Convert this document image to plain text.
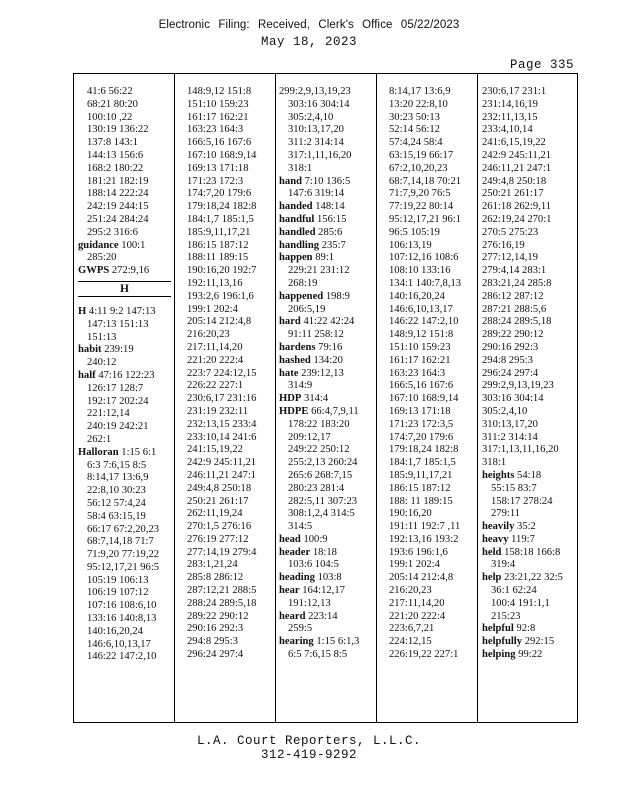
Electronic Filing: Received, Clerk's Office 05/22/2023
May 18, 2023
Page 335
41:6 56:22
68:21 80:20
100:10 ,22
130:19 136:22
137:8 143:1
144:13 156:6
168:2 180:22
181:21 182:19
188:14 222:24
242:19 244:15
251:24 284:24
295:2 316:6
guidance 100:1
285:20
GWPS 272:9,16
H
H 4:11 9:2 147:13
147:13 151:13
151:13
habit 239:19
240:12
half 47:16 122:23
126:17 128:7
192:17 202:24
221:12,14
240:19 242:21
262:1
Halloran 1:15 6:1
6:3 7:6,15 8:5
8:14,17 13:6,9
22:8,10 30:23
56:12 57:4,24
58:4 63:15,19
66:17 67:2,20,23
68:7,14,18 71:7
71:9,20 77:19,22
95:12,17,21 96:5
105:19 106:13
106:19 107:12
107:16 108:6,10
133:16 140:8,13
140:16,20,24
146:6,10,13,17
146:22 147:2,10
148:9,12 151:8
151:10 159:23
161:17 162:21
163:23 164:3
166:5,16 167:6
167:10 168:9,14
169:13 171:18
171:23 172:3
174:7,20 179:6
179:18,24 182:8
184:1,7 185:1,5
185:9,11,17,21
186:15 187:12
188:11 189:15
190:16,20 192:7
192:11,13,16
193:2,6 196:1,6
199:1 202:4
205:14 212:4,8
216:20,23
217:11,14,20
221:20 222:4
223:7 224:12,15
226:22 227:1
230:6,17 231:16
231:19 232:11
232:13,15 233:4
233:10,14 241:6
241:15,19,22
242:9 245:11,21
246:11,21 247:1
249:4,8 250:18
250:21 261:17
262:11,19,24
270:1,5 276:16
276:19 277:12
277:14,19 279:4
283:1,21,24
285:8 286:12
287:12,21 288:5
288:24 289:5,18
289:22 290:12
290:16 292:3
294:8 295:3
296:24 297:4
299:2,9,13,19,23
303:16 304:14
305:2,4,10
310:13,17,20
311:2 314:14
317:1,11,16,20
318:1
hand 7:10 136:5
147:6 319:14
handed 148:14
handful 156:15
handled 285:6
handling 235:7
happen 89:1
229:21 231:12
268:19
happened 198:9
206:5,19
hard 41:22 42:24
91:11 258:12
hardens 79:16
hashed 134:20
hate 239:12,13
314:9
HDP 314:4
HDPE 66:4,7,9,11
178:22 183:20
209:12,17
249:22 250:12
255:2,13 260:24
265:6 268:7,15
280:23 281:4
282:5,11 307:23
308:1,2,4 314:5
314:5
head 100:9
header 18:18
103:6 104:5
heading 103:8
hear 164:12,17
191:12,13
heard 223:14
259:5
hearing 1:15 6:1,3
6:5 7:6,15 8:5
8:14,17 13:6,9
13:20 22:8,10
30:23 50:13
52:14 56:12
57:4,24 58:4
63:15,19 66:17
67:2,10,20,23
68:7,14,18 70:21
71:7,9,20 76:5
77:19,22 80:14
95:12,17,21 96:1
96:5 105:19
106:13,19
107:12,16 108:6
108:10 133:16
134:1 140:7,8,13
140:16,20,24
146:6,10,13,17
146:22 147:2,10
148:9,12 151:8
151:10 159:23
161:17 162:21
163:23 164:3
166:5,16 167:6
167:10 168:9,14
169:13 171:18
171:23 172:3,5
174:7,20 179:6
179:18,24 182:8
184:1,7 185:1,5
185:9,11,17,21
186:15 187:12
188: 11 189:15
190:16,20
191:11 192:7 ,11
192:13,16 193:2
193:6 196:1,6
199:1 202:4
205:14 212:4,8
216:20,23
217:11,14,20
221:20 222:4
223:6,7,21
224:12,15
226:19,22 227:1
230:6,17 231:1
231:14,16,19
232:11,13,15
233:4,10,14
241:6,15,19,22
242:9 245:11,21
246:11,21 247:1
249:4,8 250:18
250:21 261:17
261:18 262:9,11
262:19,24 270:1
270:5 275:23
276:16,19
277:12,14,19
279:4,14 283:1
283:21,24 285:8
286:12 287:12
287:21 288:5,6
288:24 289:5,18
289:22 290:12
290:16 292:3
294:8 295:3
296:24 297:4
299:2,9,13,19,23
303:16 304:14
305:2,4,10
310:13,17,20
311:2 314:14
317:1,13,11,16,20
318:1
heights 54:18
55:15 83:7
158:17 278:24
279:11
heavily 35:2
heavy 119:7
held 158:18 166:8
319:4
help 23:21,22 32:5
36:1 62:24
100:4 191:1,1
215:23
helpful 92:8
helpfully 292:15
helping 99:22
L.A. Court Reporters, L.L.C.
312-419-9292
